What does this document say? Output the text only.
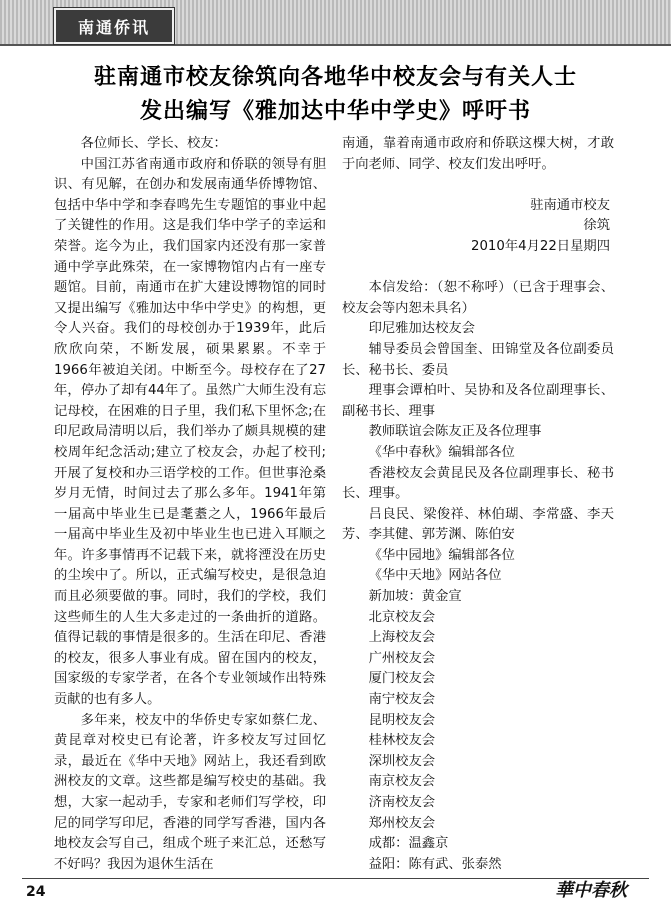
南通侨讯
驻南通市校友徐筑向各地华中校友会与有关人士
发出编写《雅加达中华中学史》呼吁书

各位师长、学长、校友：

中国江苏省南通市政府和侨联的领导有胆识、有见解，在创办和发展南通华侨博物馆、包括中华中学和李春鸣先生专题馆的事业中起了关键性的作用。这是我们华中学子的幸运和荣誉。迄今为止，我们国家内还没有那一家普通中学享此殊荣，在一家博物馆内占有一座专题馆。目前，南通市在扩大建设博物馆的同时又提出编写《雅加达中华中学史》的构想，更令人兴奋。我们的母校创办于1939年，此后欣欣向荣，不断发展，硕果累累。不幸于1966年被迫关闭。中断至今。母校存在了27年，停办了却有44年了。虽然广大师生没有忘记母校，在困难的日子里，我们私下里怀念;在印尼政局清明以后，我们举办了颇具规模的建校周年纪念活动;建立了校友会，办起了校刊;开展了复校和办三语学校的工作。但世事沧桑岁月无情，时间过去了那么多年。1941年第一届高中毕业生已是耄耋之人，1966年最后一届高中毕业生及初中毕业生也已进入耳顺之年。许多事情再不记载下来，就将湮没在历史的尘埃中了。所以，正式编写校史，是很急迫而且必须要做的事。同时，我们的学校，我们这些师生的人生大多走过的一条曲折的道路。值得记载的事情是很多的。生活在印尼、香港的校友，很多人事业有成。留在国内的校友，国家级的专家学者，在各个专业领域作出特殊贡献的也有多人。

多年来，校友中的华侨史专家如蔡仁龙、黄昆章对校史已有论著，许多校友写过回忆录，最近在《华中天地》网站上，我还看到欧洲校友的文章。这些都是编写校史的基础。我想，大家一起动手，专家和老师们写学校，印尼的同学写印尼，香港的同学写香港，国内各地校友会写自己，组成个班子来汇总，还愁写不好吗？我因为退休生活在

南通，靠着南通市政府和侨联这棵大树，才敢于向老师、同学、校友们发出呼吁。

驻南通市校友

徐筑

2010年4月22日星期四

本信发给：（恕不称呼）（已含于理事会、校友会等内恕未具名）

印尼雅加达校友会
辅导委员会曾国奎、田锦堂及各位副委员长、秘书长、委员
理事会谭柏叶、吴协和及各位副理事长、副秘书长、理事
教师联谊会陈友正及各位理事
《华中春秋》编辑部各位
香港校友会黄昆民及各位副理事长、秘书长、理事。
吕良民、梁俊祥、林伯瑚、李常盛、李天芳、李其健、郭芳渊、陈伯安
《华中园地》编辑部各位
《华中天地》网站各位
新加坡：黄金宣
北京校友会
上海校友会
广州校友会
厦门校友会
南宁校友会
昆明校友会
桂林校友会
深圳校友会
南京校友会
济南校友会
郑州校友会
成都：温鑫京
益阳：陈有武、张泰然
24	華中春秋
